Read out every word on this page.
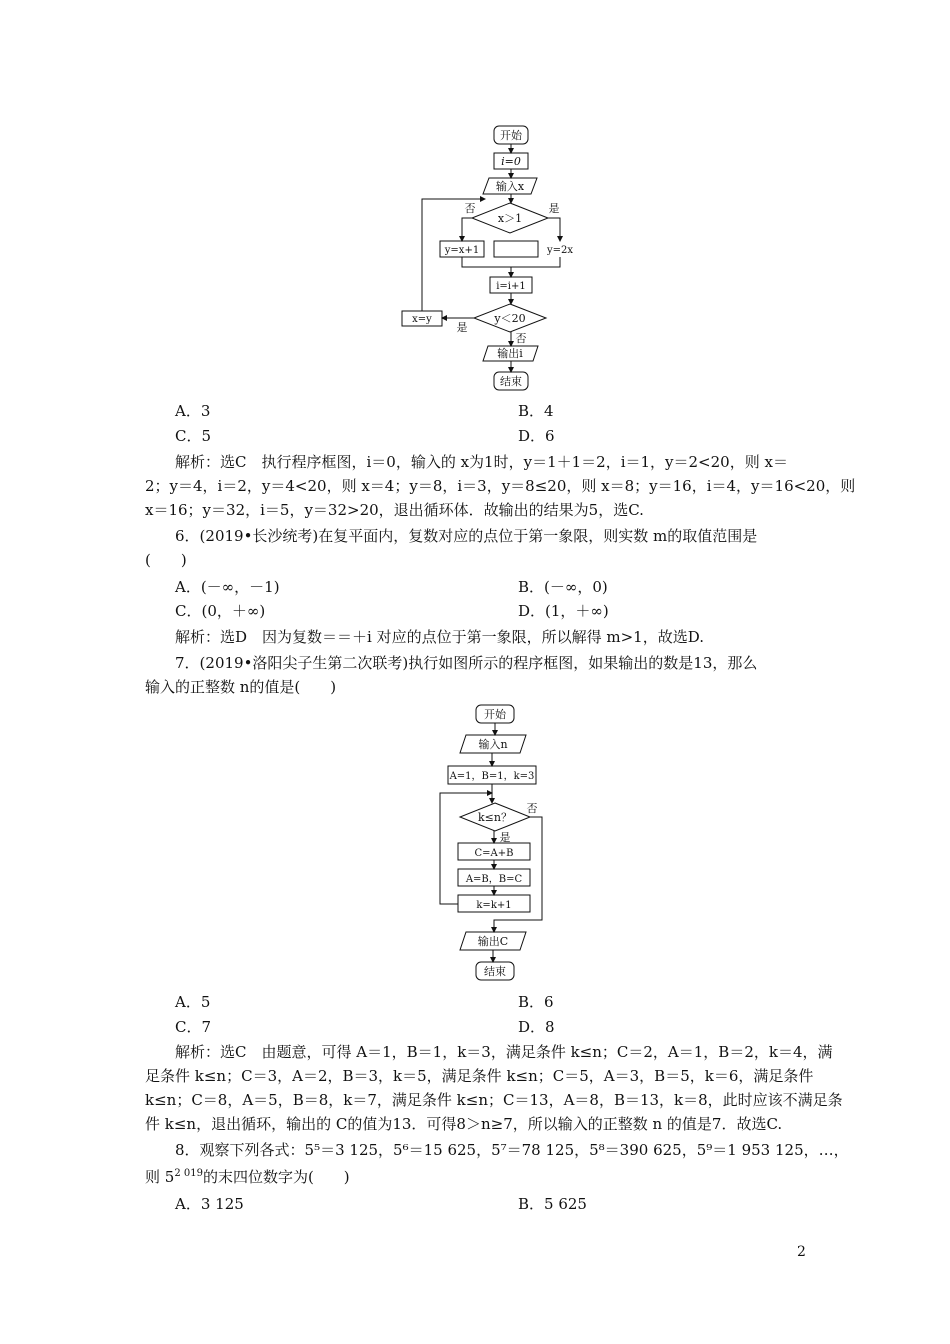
开始
i=0
输入x
x＞1
否	是
y=x+1	y=2x
i=i+1
y＜20
是
否
x=y
输出i
结束
A．3	B．4
C．5	D．6
解析：选C　执行程序框图，i＝0，输入的 x为1时，y＝1＋1＝2，i＝1，y＝2<20，则 x＝
2；y＝4，i＝2，y＝4<20，则 x＝4；y＝8，i＝3，y＝8≤20，则 x＝8；y＝16，i＝4，y＝16<20，则
x＝16；y＝32，i＝5，y＝32>20，退出循环体．故输出的结果为5，选C.
6．(2019•长沙统考)在复平面内，复数对应的点位于第一象限，则实数 m的取值范围是
(　　)
A．(－∞，－1)	B．(－∞，0)
C．(0，＋∞)	D．(1，＋∞)
解析：选D　因为复数＝＝＋i 对应的点位于第一象限，所以解得 m>1，故选D.
7．(2019•洛阳尖子生第二次联考)执行如图所示的程序框图，如果输出的数是13，那么
输入的正整数 n的值是(　　)
开始
输入n
A=1，B=1，k=3
k≤n？
否
是
C=A+B
A=B，B=C
k=k+1
输出C
结束
A．5	B．6
C．7	D．8
解析：选C　由题意，可得 A＝1，B＝1，k＝3，满足条件 k≤n；C＝2，A＝1，B＝2，k＝4，满
足条件 k≤n；C＝3，A＝2，B＝3，k＝5，满足条件 k≤n；C＝5，A＝3，B＝5，k＝6，满足条件
k≤n；C＝8，A＝5，B＝8，k＝7，满足条件 k≤n；C＝13，A＝8，B＝13，k＝8，此时应该不满足条
件 k≤n，退出循环，输出的 C的值为13．可得8＞n≥7，所以输入的正整数 n 的值是7．故选C.
8．观察下列各式：5⁵＝3 125，5⁶＝15 625，5⁷＝78 125，5⁸＝390 625，5⁹＝1 953 125，…，
则 $5^{2 019}$的末四位数字为(　　)
A．3 125	B．5 625
2
